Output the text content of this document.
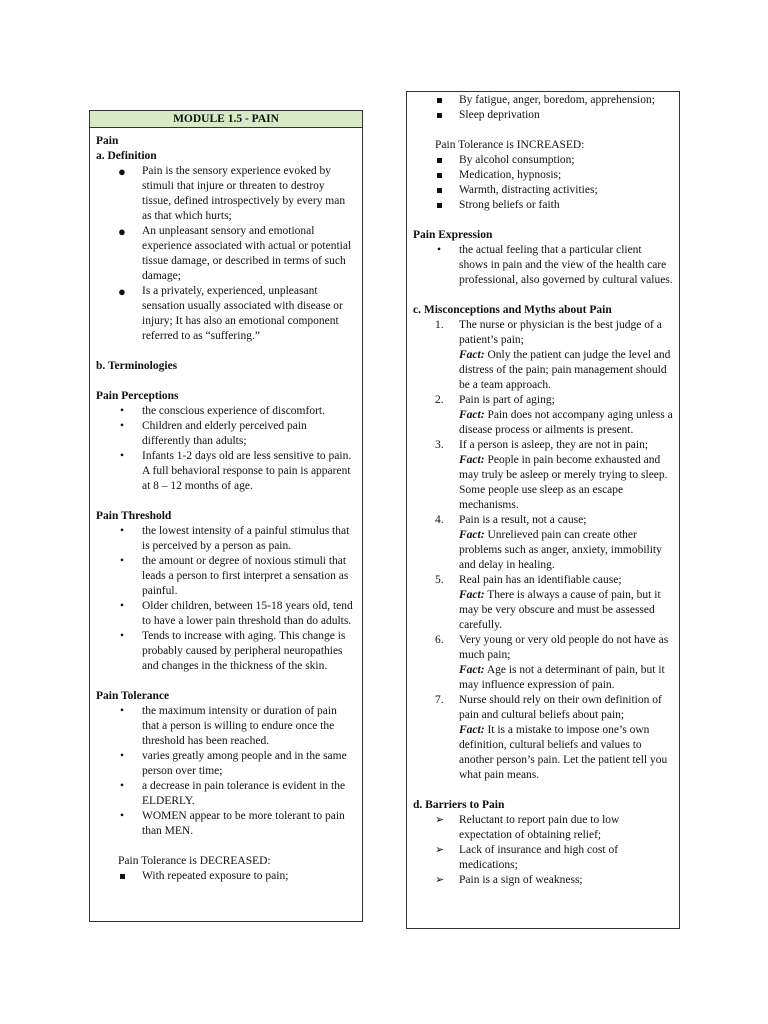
MODULE 1.5 - PAIN
Pain
a. Definition
● Pain is the sensory experience evoked by stimuli that injure or threaten to destroy tissue, defined introspectively by every man as that which hurts;
● An unpleasant sensory and emotional experience associated with actual or potential tissue damage, or described in terms of such damage;
● Is a privately, experienced, unpleasant sensation usually associated with disease or injury; It has also an emotional component referred to as “suffering.”
b. Terminologies
Pain Perceptions
• the conscious experience of discomfort.
• Children and elderly perceived pain differently than adults;
• Infants 1-2 days old are less sensitive to pain. A full behavioral response to pain is apparent at 8 – 12 months of age.
Pain Threshold
• the lowest intensity of a painful stimulus that is perceived by a person as pain.
• the amount or degree of noxious stimuli that leads a person to first interpret a sensation as painful.
• Older children, between 15-18 years old, tend to have a lower pain threshold than do adults.
• Tends to increase with aging. This change is probably caused by peripheral neuropathies and changes in the thickness of the skin.
Pain Tolerance
• the maximum intensity or duration of pain that a person is willing to endure once the threshold has been reached.
• varies greatly among people and in the same person over time;
• a decrease in pain tolerance is evident in the ELDERLY.
• WOMEN appear to be more tolerant to pain than MEN.
Pain Tolerance is DECREASED:
With repeated exposure to pain;
By fatigue, anger, boredom, apprehension;
Sleep deprivation
Pain Tolerance is INCREASED:
By alcohol consumption;
Medication, hypnosis;
Warmth, distracting activities;
Strong beliefs or faith
Pain Expression
• the actual feeling that a particular client shows in pain and the view of the health care professional, also governed by cultural values.
c. Misconceptions and Myths about Pain
1. The nurse or physician is the best judge of a patient’s pain;
Fact: Only the patient can judge the level and distress of the pain; pain management should be a team approach.
2. Pain is part of aging;
Fact: Pain does not accompany aging unless a disease process or ailments is present.
3. If a person is asleep, they are not in pain;
Fact: People in pain become exhausted and may truly be asleep or merely trying to sleep. Some people use sleep as an escape mechanisms.
4. Pain is a result, not a cause;
Fact: Unrelieved pain can create other problems such as anger, anxiety, immobility and delay in healing.
5. Real pain has an identifiable cause;
Fact: There is always a cause of pain, but it may be very obscure and must be assessed carefully.
6. Very young or very old people do not have as much pain;
Fact: Age is not a determinant of pain, but it may influence expression of pain.
7. Nurse should rely on their own definition of pain and cultural beliefs about pain;
Fact: It is a mistake to impose one’s own definition, cultural beliefs and values to another person’s pain. Let the patient tell you what pain means.
d. Barriers to Pain
➢ Reluctant to report pain due to low expectation of obtaining relief;
➢ Lack of insurance and high cost of medications;
➢ Pain is a sign of weakness;
